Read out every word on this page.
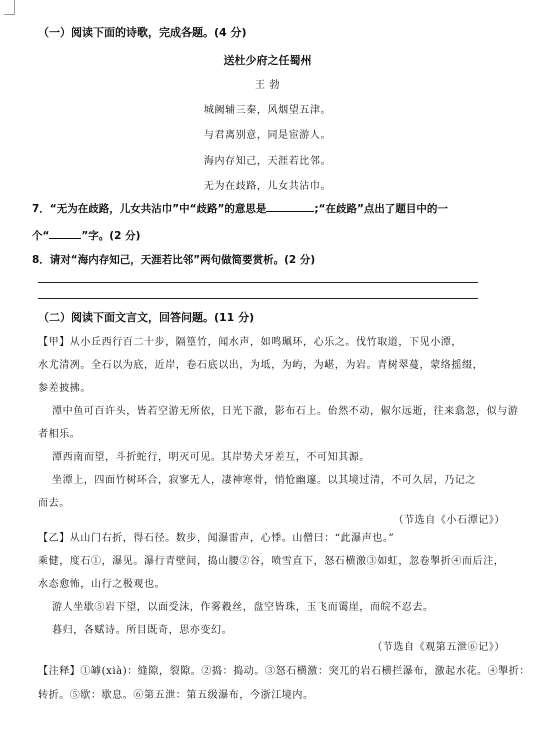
（一）阅读下面的诗歌，完成各题。(4 分)
送杜少府之任蜀州
王 勃
城阙辅三秦，风烟望五津。
与君离别意，同是宦游人。
海内存知己，天涯若比邻。
无为在歧路，儿女共沾巾。
7．“无为在歧路，儿女共沾巾”中“歧路”的意思是	;“在歧路”点出了题目中的一
个“	”字。(2 分)
8．请对“海内存知己，天涯若比邻”两句做简要赏析。(2 分)
（二）阅读下面文言文，回答问题。(11 分)
【甲】从小丘西行百二十步，隔篁竹，闻水声，如鸣珮环，心乐之。伐竹取道，下见小潭，
水尤清冽。全石以为底，近岸，卷石底以出，为坻，为屿，为嵁，为岩。青树翠蔓，蒙络摇缀，
参差披拂。
潭中鱼可百许头，皆若空游无所依，日光下澈，影布石上。佁然不动，俶尔远逝，往来翕忽，似与游
者相乐。
潭西南而望，斗折蛇行，明灭可见。其岸势犬牙差互，不可知其源。
坐潭上，四面竹树环合，寂寥无人，凄神寒骨，悄怆幽邃。以其境过清，不可久居，乃记之
而去。
（节选自《小石潭记》）
【乙】从山门右折，得石径。数步，闻瀑雷声，心悸。山僧曰：“此瀑声也。”
乘健，度石①，瀑见。瀑行青壁间，捣山腰②谷，喷雪直下，怒石横激③如虹，忽卷掣折④而后注，
水态愈怖，山行之极观也。
游人坐歇⑤岩下望，以面受沫，作雾縠丝，盘空皆珠，玉飞而霭崖，而皖不忍去。
暮归，各赋诗。所目既奇，思亦变幻。
（节选自《观第五泄⑥记》）
【注释】①罅(xià)：缝隙，裂隙。②捣：捣动。③怒石横激：突兀的岩石横拦瀑布，激起水花。④掣折：
转折。⑤歇：歇息。⑥第五泄：第五级瀑布，今浙江境内。
